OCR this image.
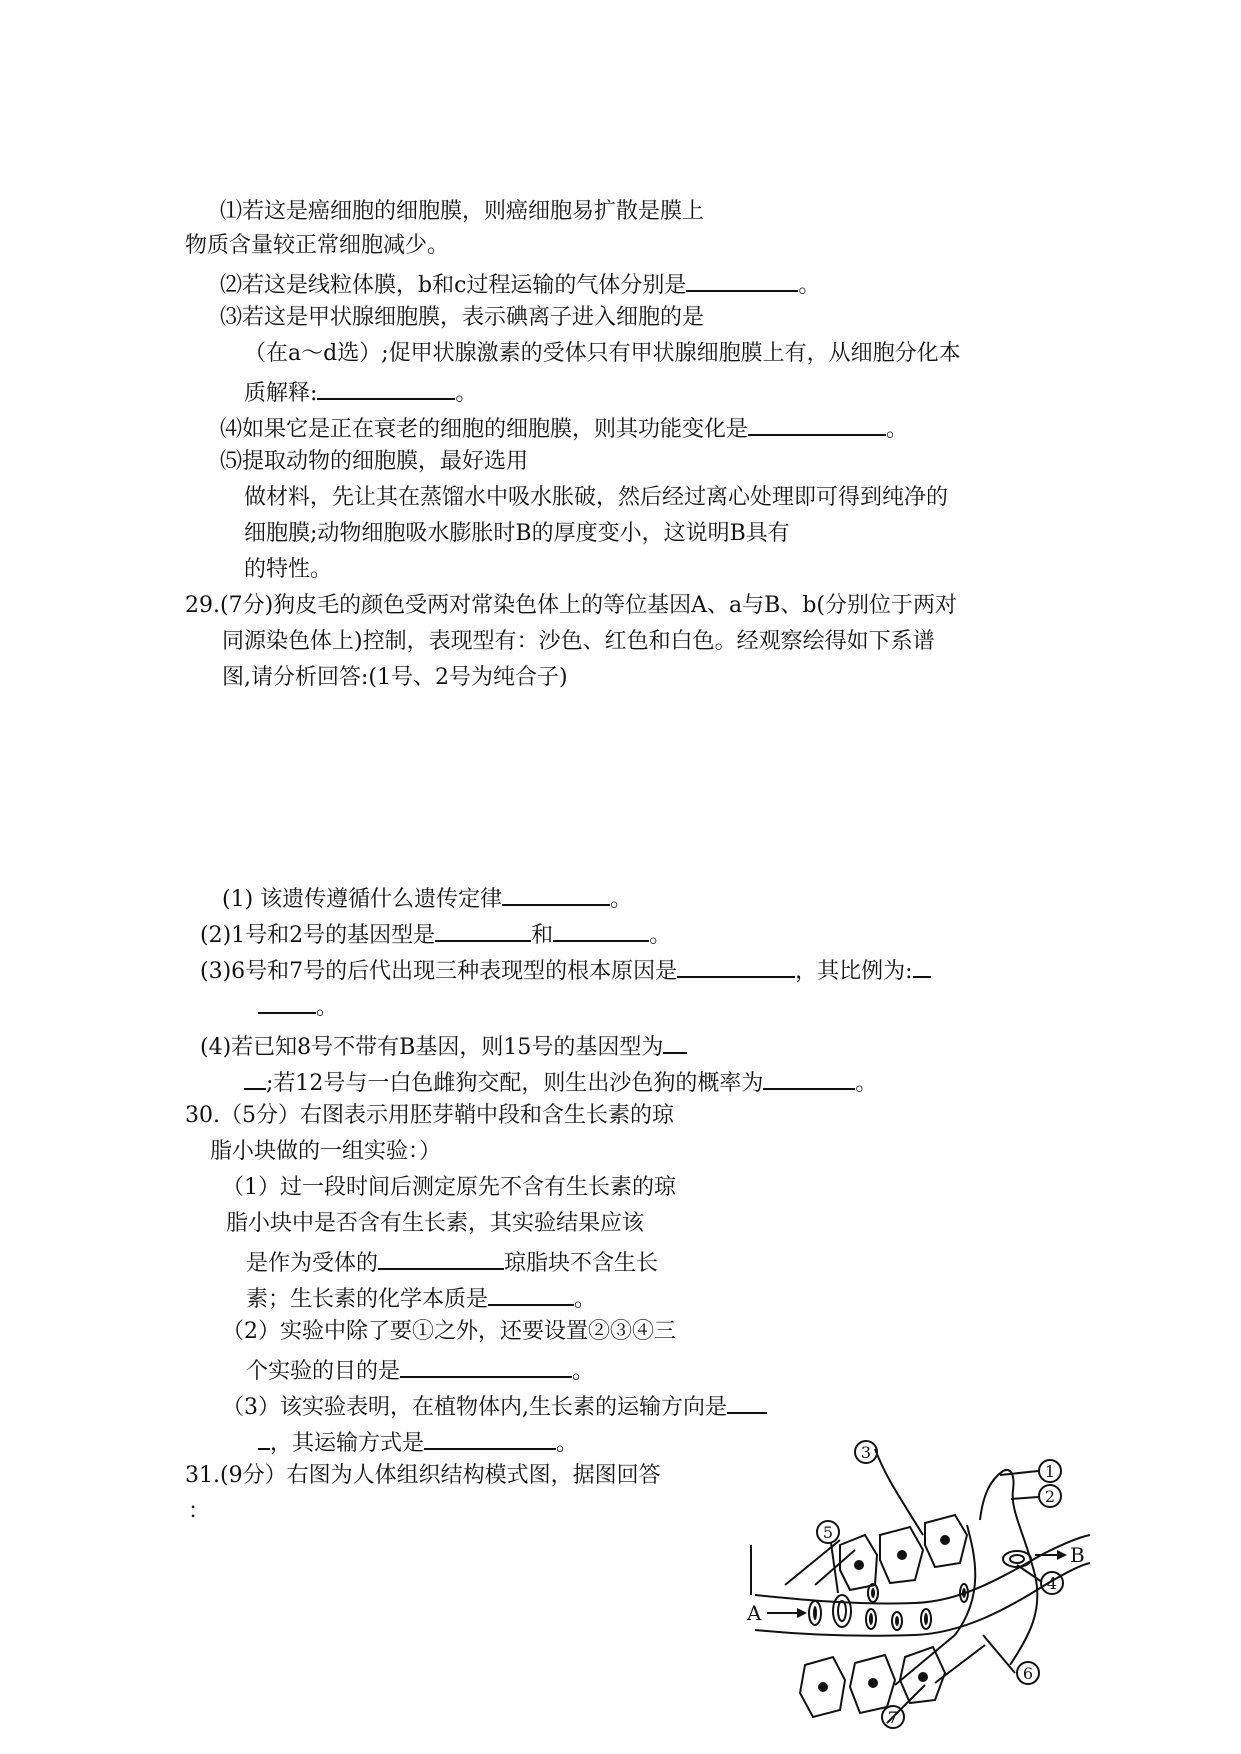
⑴若这是癌细胞的细胞膜，则癌细胞易扩散是膜上
物质含量较正常细胞减少。
⑵若这是线粒体膜，b和c过程运输的气体分别是	。
⑶若这是甲状腺细胞膜，表示碘离子进入细胞的是
（在a～d选）;促甲状腺激素的受体只有甲状腺细胞膜上有，从细胞分化本
质解释:	。
⑷如果它是正在衰老的细胞的细胞膜，则其功能变化是	。
⑸提取动物的细胞膜，最好选用
做材料，先让其在蒸馏水中吸水胀破，然后经过离心处理即可得到纯净的
细胞膜;动物细胞吸水膨胀时B的厚度变小，这说明B具有
的特性。
29.(7分)狗皮毛的颜色受两对常染色体上的等位基因A、a与B、b(分别位于两对
同源染色体上)控制，表现型有：沙色、红色和白色。经观察绘得如下系谱
图,请分析回答:(1号、2号为纯合子)
(1) 该遗传遵循什么遗传定律	。
(2)1号和2号的基因型是	和	。
(3)6号和7号的后代出现三种表现型的根本原因是	，其比例为:
。
(4)若已知8号不带有B基因，则15号的基因型为
;若12号与一白色雌狗交配，则生出沙色狗的概率为	。
30.（5分）右图表示用胚芽鞘中段和含生长素的琼
脂小块做的一组实验：）
（1）过一段时间后测定原先不含有生长素的琼
脂小块中是否含有生长素，其实验结果应该
是作为受体的	琼脂块不含生长
素；生长素的化学本质是	。
（2）实验中除了要①之外，还要设置②③④三
个实验的目的是	。
（3）该实验表明，在植物体内,生长素的运输方向是
，其运输方式是	。
31.(9分）右图为人体组织结构模式图，据图回答
：
3
1
2
4
5
6
7
A
B
